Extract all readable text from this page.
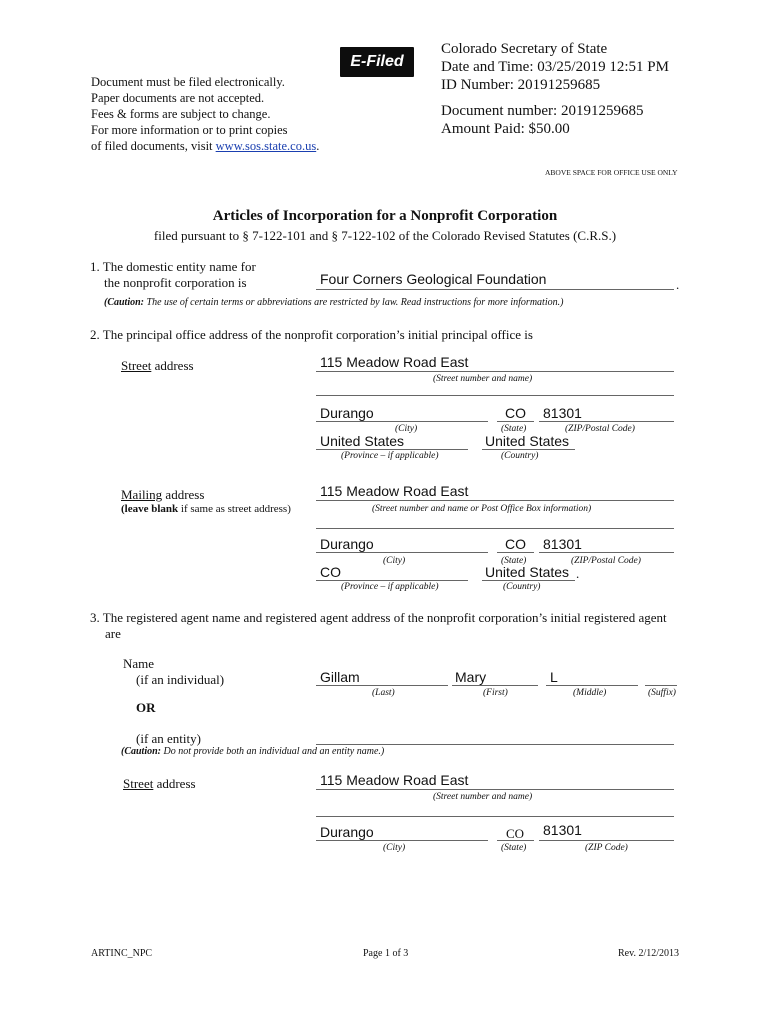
E-Filed
Document must be filed electronically.
Paper documents are not accepted.
Fees & forms are subject to change.
For more information or to print copies
of filed documents, visit www.sos.state.co.us.
Colorado Secretary of State
Date and Time: 03/25/2019 12:51 PM
ID Number: 20191259685
Document number: 20191259685
Amount Paid: $50.00
ABOVE SPACE FOR OFFICE USE ONLY
Articles of Incorporation for a Nonprofit Corporation
filed pursuant to § 7-122-101 and § 7-122-102 of the Colorado Revised Statutes (C.R.S.)
1. The domestic entity name for
the nonprofit corporation is	Four Corners Geological Foundation	.
(Caution: The use of certain terms or abbreviations are restricted by law. Read instructions for more information.)
2. The principal office address of the nonprofit corporation’s initial principal office is
Street address	115 Meadow Road East
(Street number and name)
Durango	CO 81301
(City)	(State)	(ZIP/Postal Code)
United States	United States
(Province – if applicable)	(Country)
Mailing address
(leave blank if same as street address)
115 Meadow Road East
(Street number and name or Post Office Box information)
Durango	CO 81301
(City)	(State)	(ZIP/Postal Code)
CO	United States .
(Province – if applicable)	(Country)
3. The registered agent name and registered agent address of the nonprofit corporation’s initial registered agent
are
Name
(if an individual)	Gillam	Mary	L
(Last)	(First)	(Middle)	(Suffix)
OR
(if an entity)
(Caution: Do not provide both an individual and an entity name.)
Street address	115 Meadow Road East
(Street number and name)
Durango	CO 81301
(City)	(State)	(ZIP Code)
ARTINC_NPC	Page 1 of 3	Rev. 2/12/2013
